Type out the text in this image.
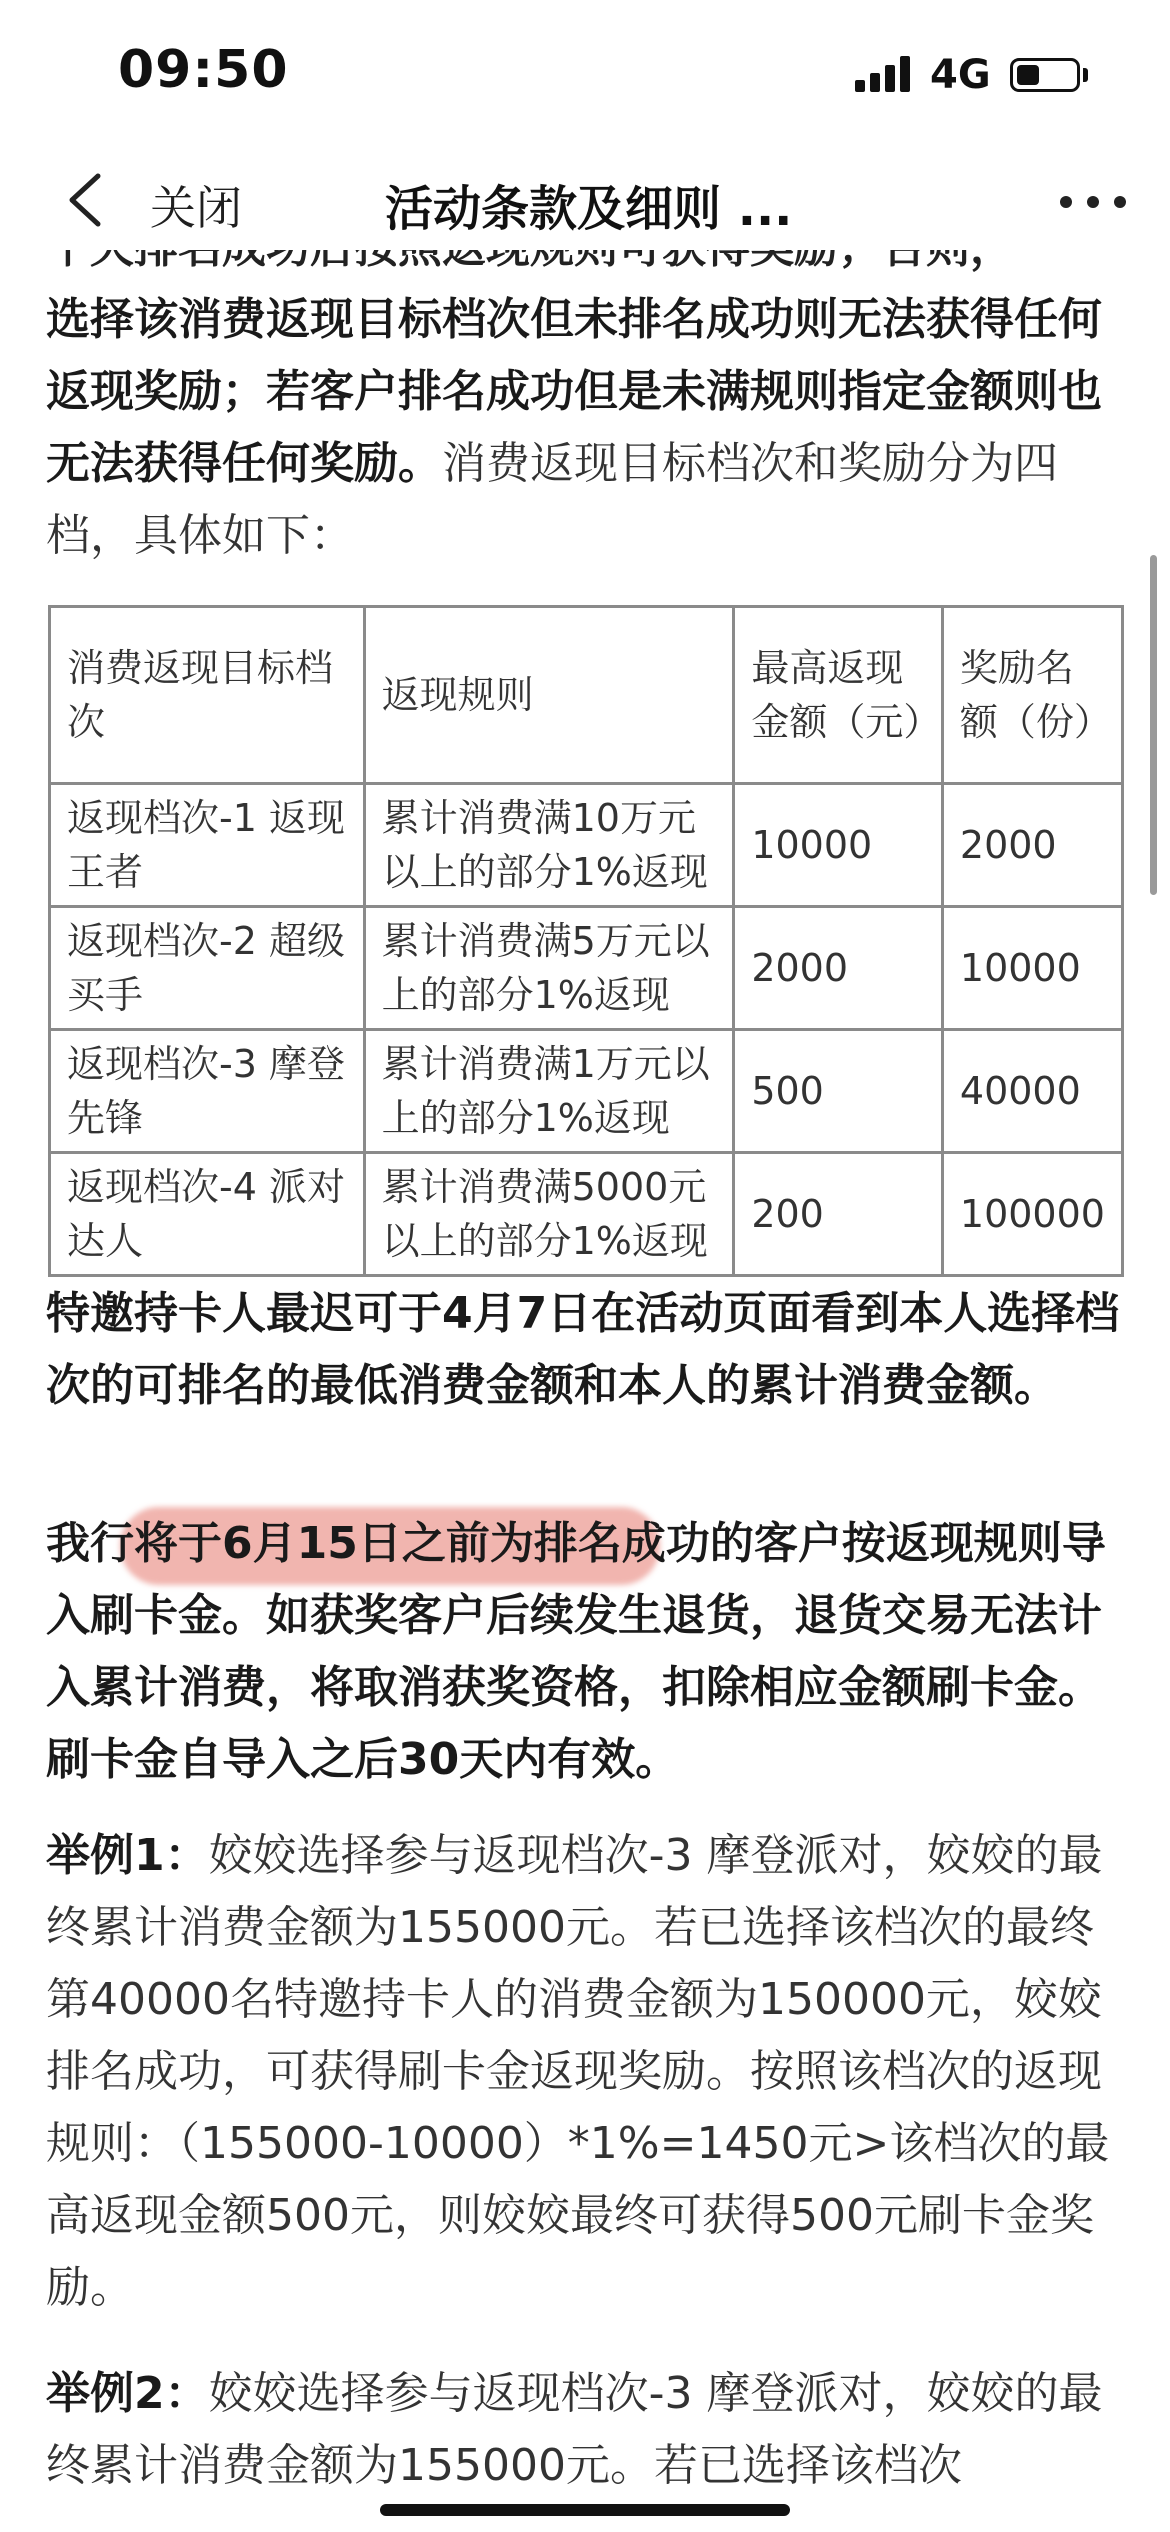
09:50	4G
关闭	活动条款及细则 ...

选择该消费返现目标档次但未排名成功则无法获得任何返现奖励；若客户排名成功但是未满规则指定金额则也无法获得任何奖励。消费返现目标档次和奖励分为四档，具体如下：

消费返现目标档次	返现规则	最高返现金额（元）	奖励名额（份）
返现档次-1 返现王者	累计消费满10万元以上的部分1%返现	10000	2000
返现档次-2 超级买手	累计消费满5万元以上的部分1%返现	2000	10000
返现档次-3 摩登先锋	累计消费满1万元以上的部分1%返现	500	40000
返现档次-4 派对达人	累计消费满5000元以上的部分1%返现	200	100000

特邀持卡人最迟可于4月7日在活动页面看到本人选择档次的可排名的最低消费金额和本人的累计消费金额。

我行将于6月15日之前为排名成功的客户按返现规则导入刷卡金。如获奖客户后续发生退货，退货交易无法计入累计消费，将取消获奖资格，扣除相应金额刷卡金。刷卡金自导入之后30天内有效。

举例1：姣姣选择参与返现档次-3 摩登派对，姣姣的最终累计消费金额为155000元。若已选择该档次的最终第40000名特邀持卡人的消费金额为150000元，姣姣排名成功，可获得刷卡金返现奖励。按照该档次的返现规则：（155000-10000）*1%=1450元>该档次的最高返现金额500元，则姣姣最终可获得500元刷卡金奖励。

举例2：姣姣选择参与返现档次-3 摩登派对，姣姣的最终累计消费金额为155000元。若已选择该档次
